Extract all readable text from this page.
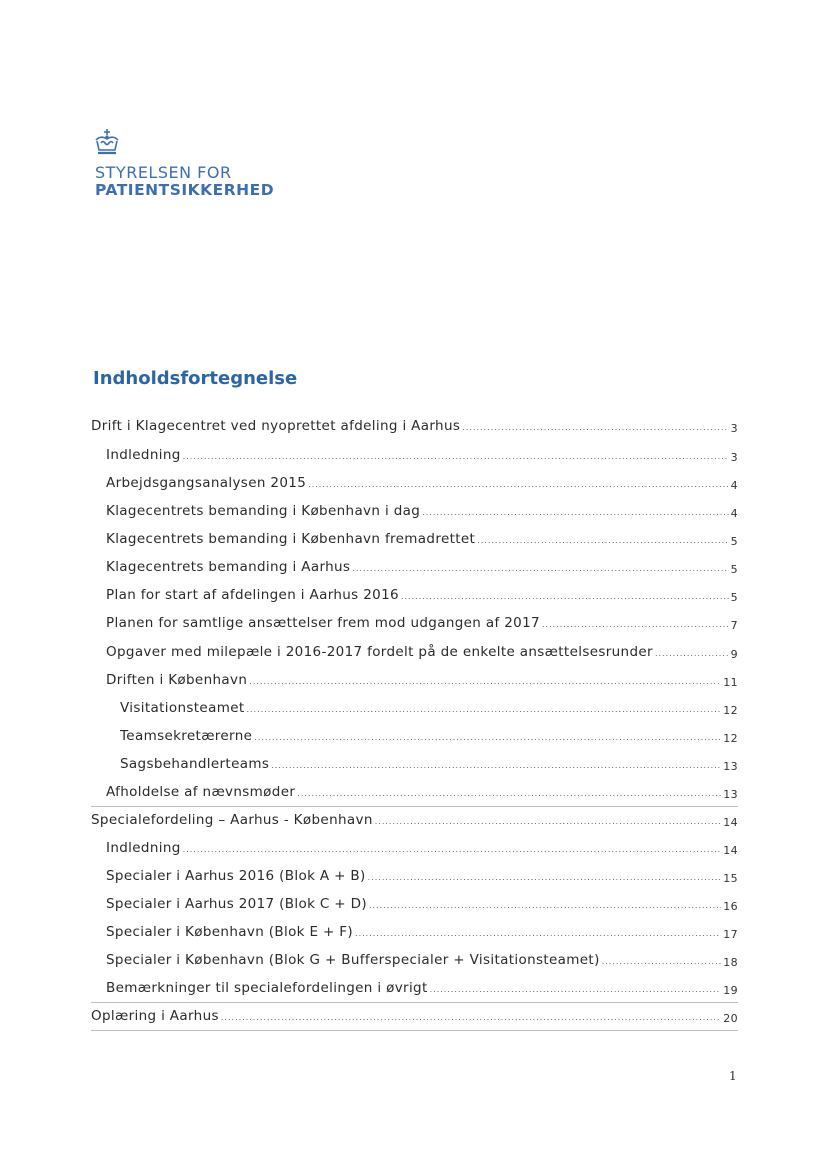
STYRELSEN FOR
PATIENTSIKKERHED
Indholdsfortegnelse
Drift i Klagecentret ved nyoprettet afdeling i Aarhus .....	3
Indledning .....	3
Arbejdsgangsanalysen 2015 .....	4
Klagecentrets bemanding i København i dag .....	4
Klagecentrets bemanding i København fremadrettet .....	5
Klagecentrets bemanding i Aarhus .....	5
Plan for start af afdelingen i Aarhus 2016 .....	5
Planen for samtlige ansættelser frem mod udgangen af 2017 .....	7
Opgaver med milepæle i 2016-2017 fordelt på de enkelte ansættelsesrunder .....	9
Driften i København .....	11
Visitationsteamet .....	12
Teamsekretærerne .....	12
Sagsbehandlerteams .....	13
Afholdelse af nævnsmøder .....	13
Specialefordeling – Aarhus - København .....	14
Indledning .....	14
Specialer i Aarhus 2016 (Blok A + B) .....	15
Specialer i Aarhus 2017 (Blok C + D) .....	16
Specialer i København (Blok E + F) .....	17
Specialer i København (Blok G + Bufferspecialer + Visitationsteamet) .....	18
Bemærkninger til specialefordelingen i øvrigt .....	19
Oplæring i Aarhus .....	20
1
